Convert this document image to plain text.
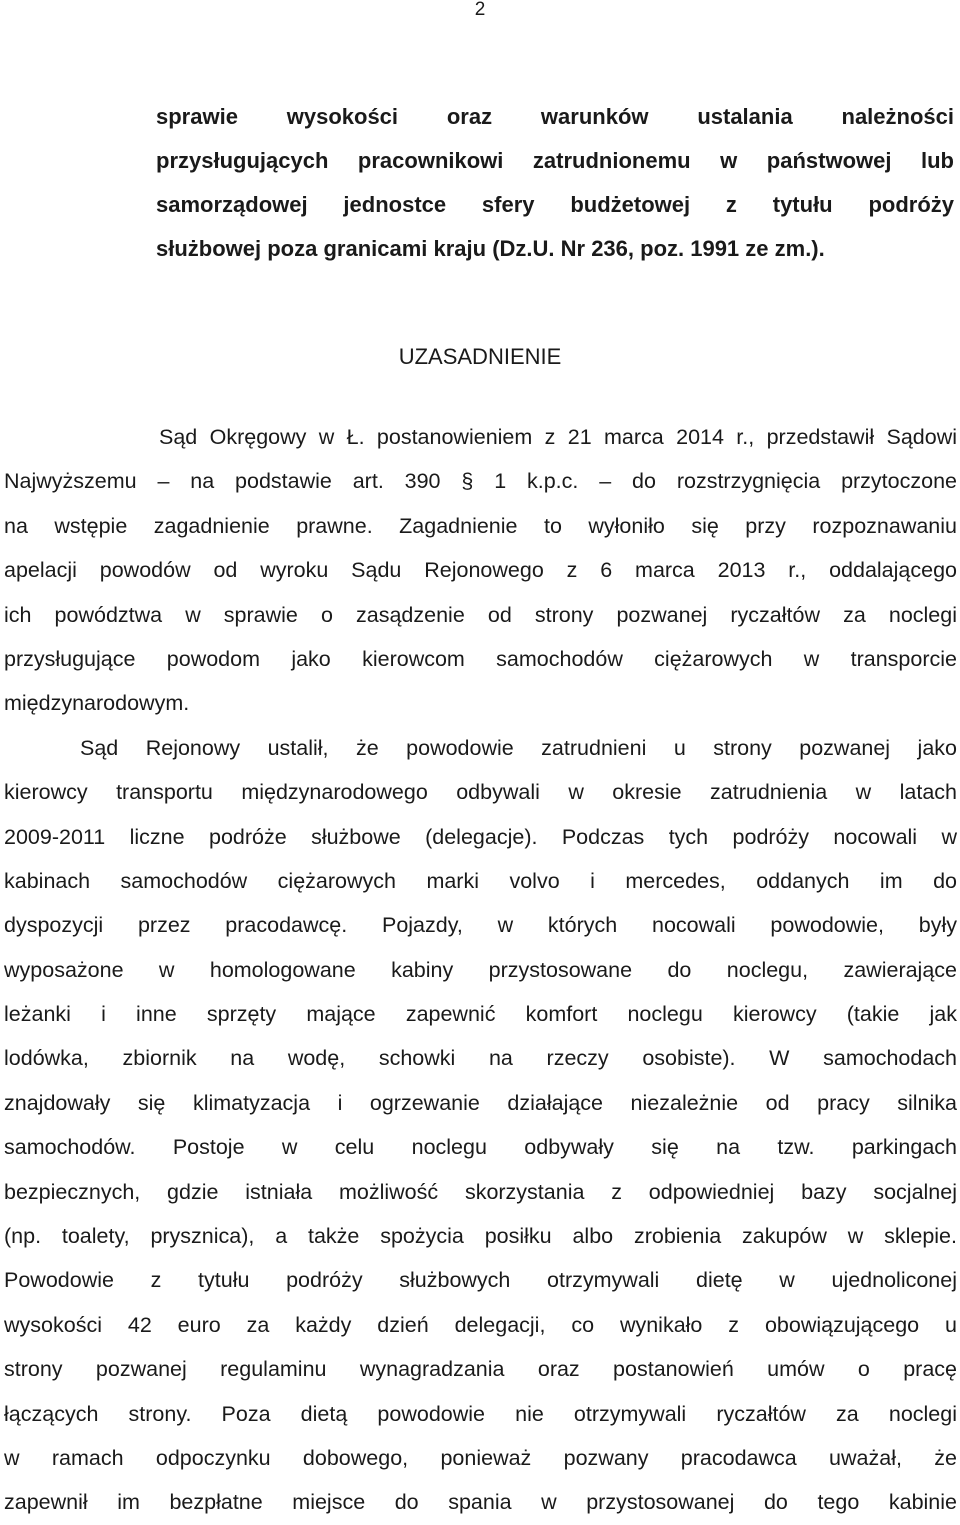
2
sprawie wysokości oraz warunków ustalania należności
przysługujących pracownikowi zatrudnionemu w państwowej lub
samorządowej jednostce sfery budżetowej z tytułu podróży
służbowej poza granicami kraju (Dz.U. Nr 236, poz. 1991 ze zm.).
UZASADNIENIE
Sąd Okręgowy w Ł. postanowieniem z 21 marca 2014 r., przedstawił Sądowi
Najwyższemu – na podstawie art. 390 § 1 k.p.c. – do rozstrzygnięcia przytoczone
na wstępie zagadnienie prawne. Zagadnienie to wyłoniło się przy rozpoznawaniu
apelacji powodów od wyroku Sądu Rejonowego z 6 marca 2013 r., oddalającego
ich powództwa w sprawie o zasądzenie od strony pozwanej ryczałtów za noclegi
przysługujące powodom jako kierowcom samochodów ciężarowych w transporcie
międzynarodowym.
Sąd Rejonowy ustalił, że powodowie zatrudnieni u strony pozwanej jako
kierowcy transportu międzynarodowego odbywali w okresie zatrudnienia w latach
2009-2011 liczne podróże służbowe (delegacje). Podczas tych podróży nocowali w
kabinach samochodów ciężarowych marki volvo i mercedes, oddanych im do
dyspozycji przez pracodawcę. Pojazdy, w których nocowali powodowie, były
wyposażone w homologowane kabiny przystosowane do noclegu, zawierające
leżanki i inne sprzęty mające zapewnić komfort noclegu kierowcy (takie jak
lodówka, zbiornik na wodę, schowki na rzeczy osobiste). W samochodach
znajdowały się klimatyzacja i ogrzewanie działające niezależnie od pracy silnika
samochodów. Postoje w celu noclegu odbywały się na tzw. parkingach
bezpiecznych, gdzie istniała możliwość skorzystania z odpowiedniej bazy socjalnej
(np. toalety, prysznica), a także spożycia posiłku albo zrobienia zakupów w sklepie.
Powodowie z tytułu podróży służbowych otrzymywali dietę w ujednoliconej
wysokości 42 euro za każdy dzień delegacji, co wynikało z obowiązującego u
strony pozwanej regulaminu wynagradzania oraz postanowień umów o pracę
łączących strony. Poza dietą powodowie nie otrzymywali ryczałtów za noclegi
w ramach odpoczynku dobowego, ponieważ pozwany pracodawca uważał, że
zapewnił im bezpłatne miejsce do spania w przystosowanej do tego kabinie
